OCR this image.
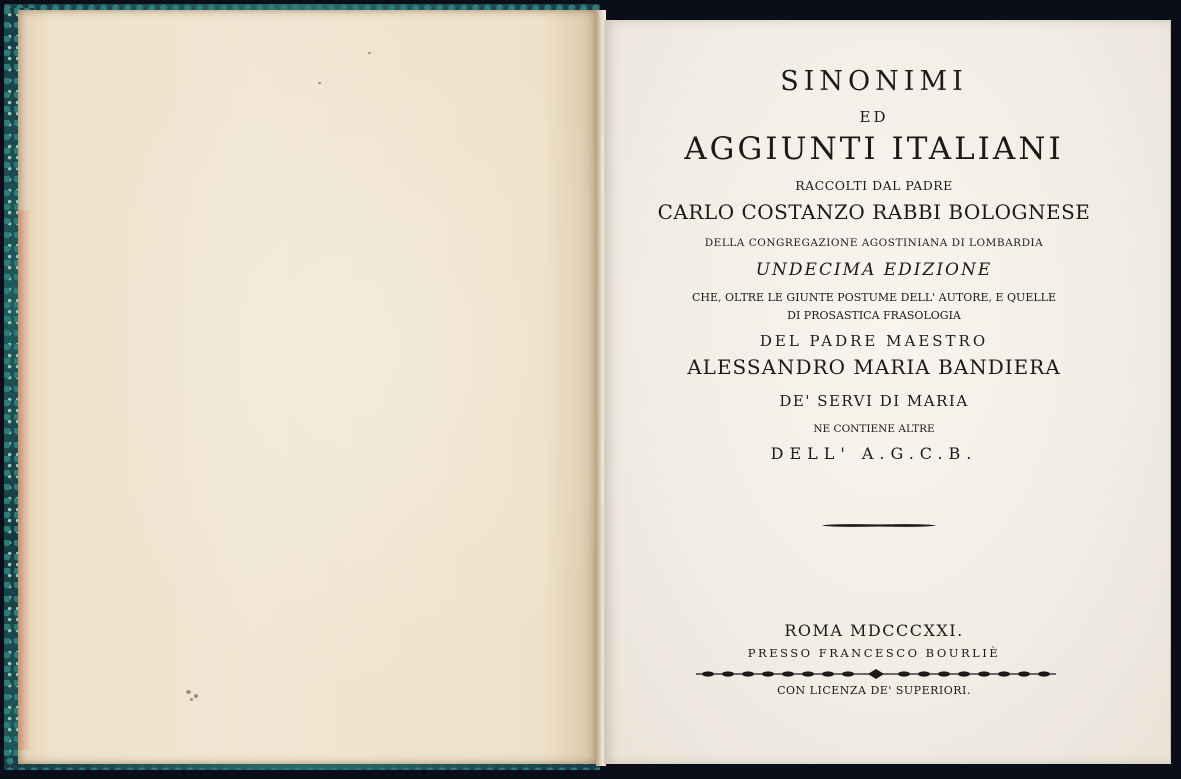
SINONIMI
ED
AGGIUNTI ITALIANI
RACCOLTI DAL PADRE
CARLO COSTANZO RABBI BOLOGNESE
DELLA CONGREGAZIONE AGOSTINIANA DI LOMBARDIA
UNDECIMA EDIZIONE
CHE, OLTRE LE GIUNTE POSTUME DELL' AUTORE, E QUELLE
DI PROSASTICA FRASOLOGIA
DEL PADRE MAESTRO
ALESSANDRO MARIA BANDIERA
DE' SERVI DI MARIA
NE CONTIENE ALTRE
DELL' A.G.C.B.
ROMA MDCCCXXI.
PRESSO FRANCESCO BOURLIÈ
CON LICENZA DE' SUPERIORI.
